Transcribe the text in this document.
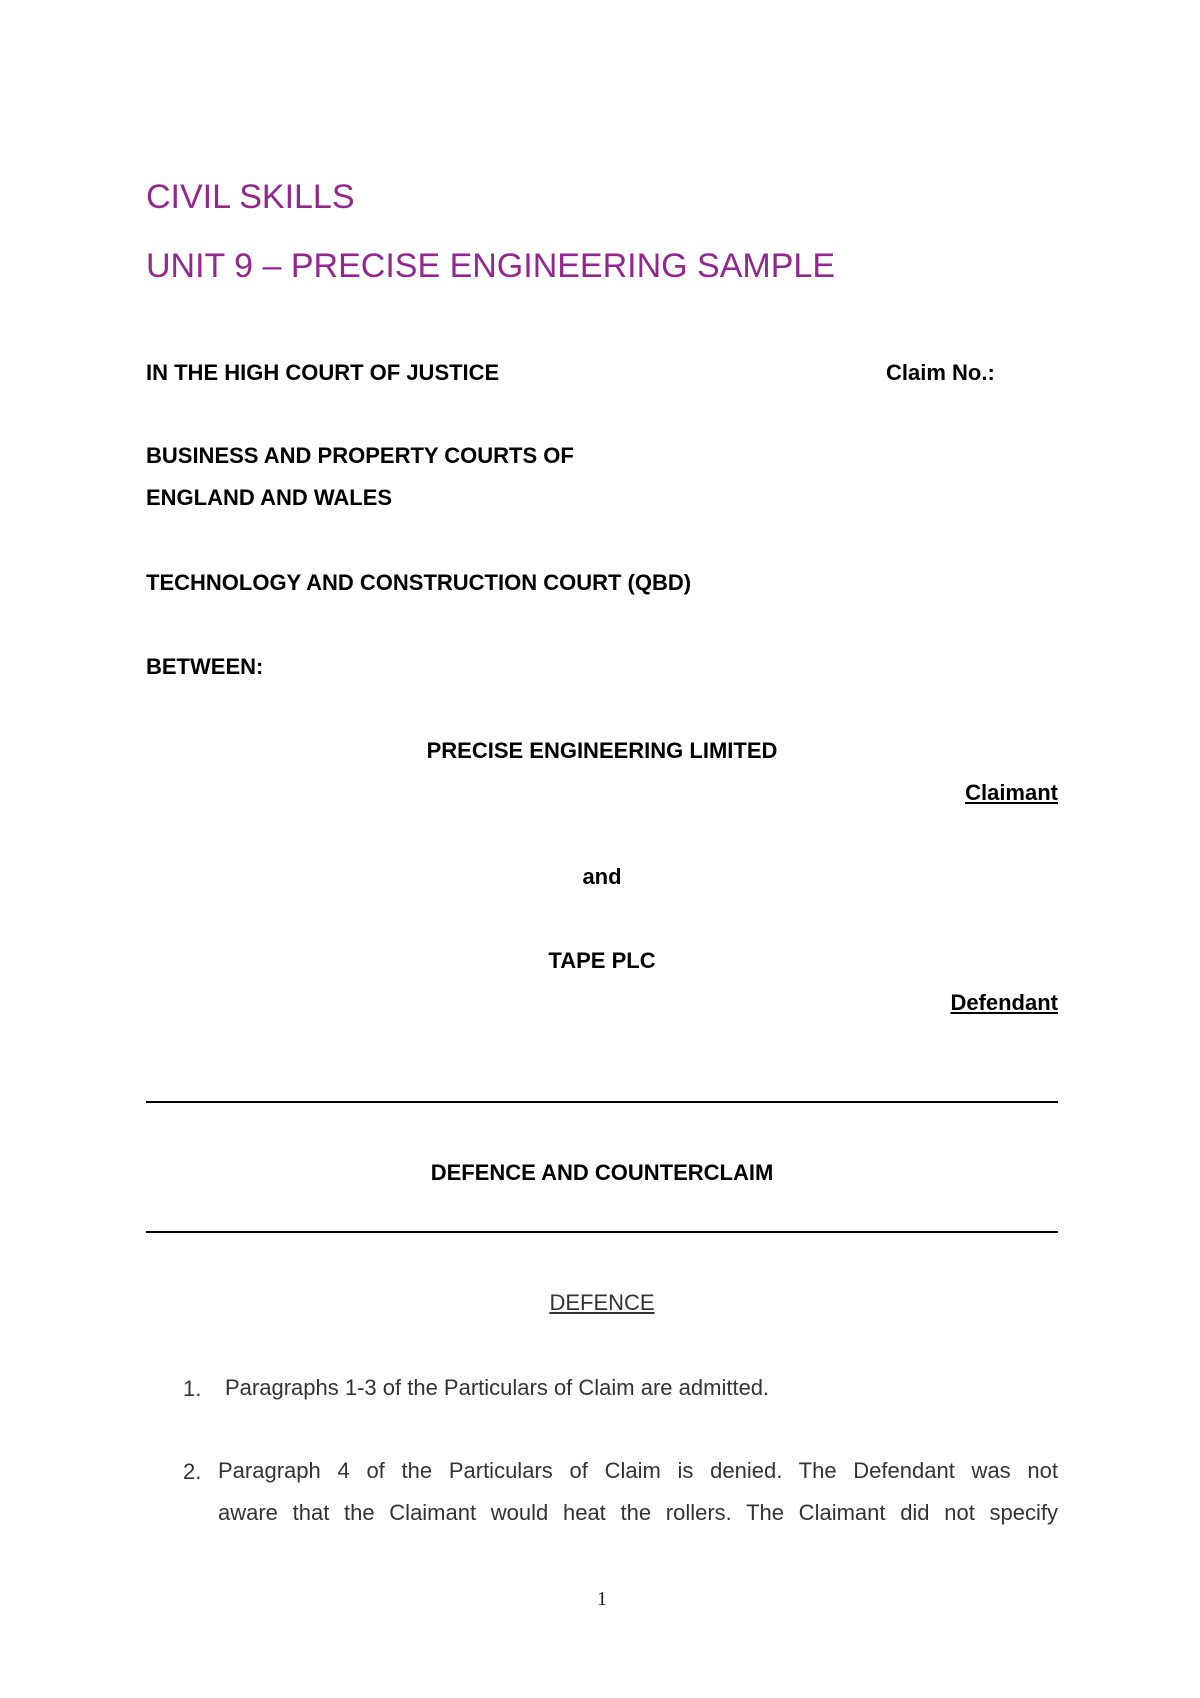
CIVIL SKILLS
UNIT 9 – PRECISE ENGINEERING SAMPLE
IN THE HIGH COURT OF JUSTICE	Claim No.:
BUSINESS AND PROPERTY COURTS OF
ENGLAND AND WALES
TECHNOLOGY AND CONSTRUCTION COURT (QBD)
BETWEEN:
PRECISE ENGINEERING LIMITED
Claimant
and
TAPE PLC
Defendant
DEFENCE AND COUNTERCLAIM
DEFENCE
1. Paragraphs 1-3 of the Particulars of Claim are admitted.
2. Paragraph 4 of the Particulars of Claim is denied. The Defendant was not
aware that the Claimant would heat the rollers. The Claimant did not specify
1
